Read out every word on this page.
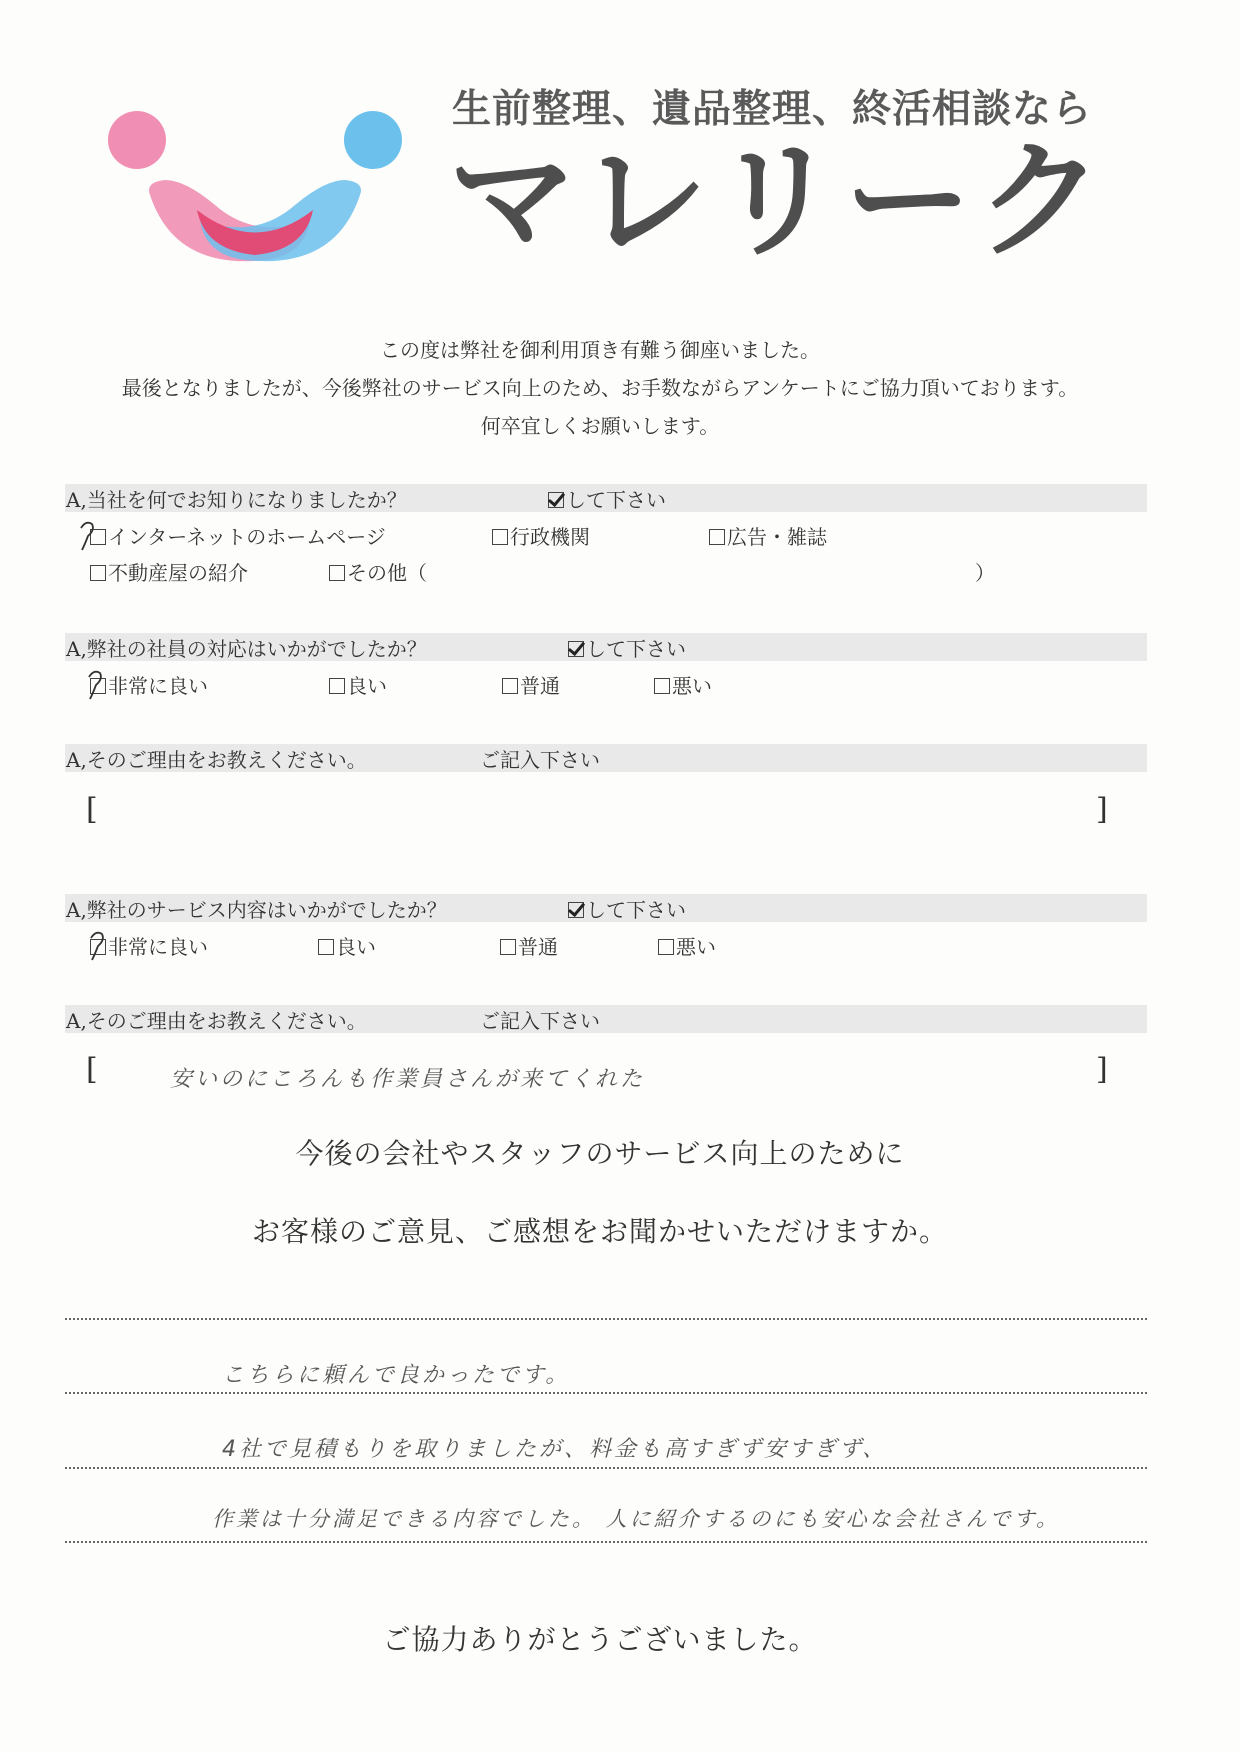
生前整理、遺品整理、終活相談なら
マレリーク
この度は弊社を御利用頂き有難う御座いました。
最後となりましたが、今後弊社のサービス向上のため、お手数ながらアンケートにご協力頂いております。
何卒宜しくお願いします。
A,当社を何でお知りになりましたか？	して下さい
インターネットのホームページ	行政機関	広告・雑誌
不動産屋の紹介	その他（	）
A,弊社の社員の対応はいかがでしたか？	して下さい
非常に良い	良い	普通	悪い
A,そのご理由をお教えください。	ご記入下さい
[	]
A,弊社のサービス内容はいかがでしたか？	して下さい
非常に良い	良い	普通	悪い
A,そのご理由をお教えください。	ご記入下さい
[	安いのにころんも作業員さんが来てくれた	]
今後の会社やスタッフのサービス向上のために
お客様のご意見、ご感想をお聞かせいただけますか。
こちらに頼んで良かったです。
4社で見積もりを取りましたが、料金も高すぎず安すぎず、
作業は十分満足できる内容でした。 人に紹介するのにも安心な会社さんです。
ご協力ありがとうございました。
